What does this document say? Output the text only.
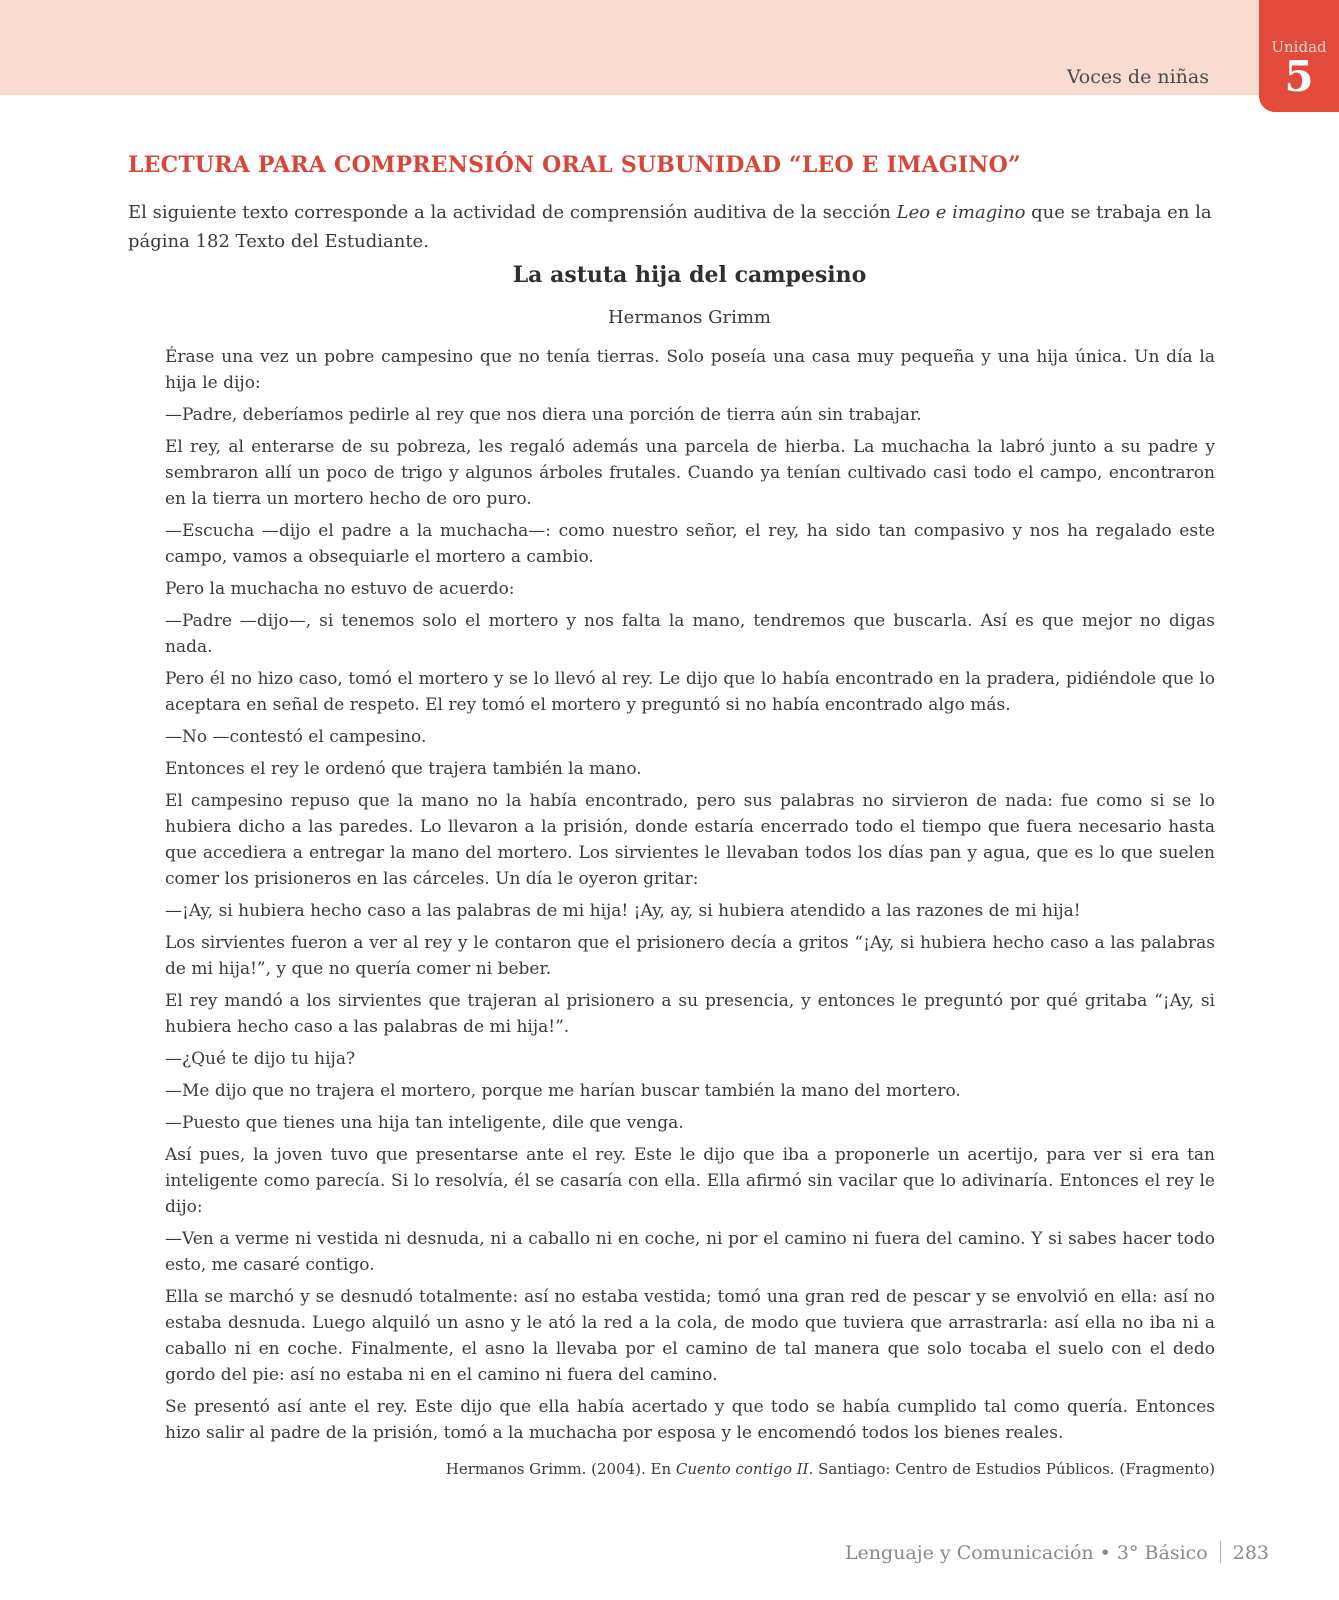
Voces de niñas
Unidad
5
LECTURA PARA COMPRENSIÓN ORAL SUBUNIDAD “LEO E IMAGINO”
El siguiente texto corresponde a la actividad de comprensión auditiva de la sección Leo e imagino que se trabaja en la página 182 Texto del Estudiante.
La astuta hija del campesino
Hermanos Grimm

Érase una vez un pobre campesino que no tenía tierras. Solo poseía una casa muy pequeña y una hija única. Un día la hija le dijo:

—Padre, deberíamos pedirle al rey que nos diera una porción de tierra aún sin trabajar.

El rey, al enterarse de su pobreza, les regaló además una parcela de hierba. La muchacha la labró junto a su padre y sembraron allí un poco de trigo y algunos árboles frutales. Cuando ya tenían cultivado casi todo el campo, encontraron en la tierra un mortero hecho de oro puro.

—Escucha —dijo el padre a la muchacha—: como nuestro señor, el rey, ha sido tan compasivo y nos ha regalado este campo, vamos a obsequiarle el mortero a cambio.

Pero la muchacha no estuvo de acuerdo:

—Padre —dijo—, si tenemos solo el mortero y nos falta la mano, tendremos que buscarla. Así es que mejor no digas nada.

Pero él no hizo caso, tomó el mortero y se lo llevó al rey. Le dijo que lo había encontrado en la pradera, pidiéndole que lo aceptara en señal de respeto. El rey tomó el mortero y preguntó si no había encontrado algo más.

—No —contestó el campesino.

Entonces el rey le ordenó que trajera también la mano.

El campesino repuso que la mano no la había encontrado, pero sus palabras no sirvieron de nada: fue como si se lo hubiera dicho a las paredes. Lo llevaron a la prisión, donde estaría encerrado todo el tiempo que fuera necesario hasta que accediera a entregar la mano del mortero. Los sirvientes le llevaban todos los días pan y agua, que es lo que suelen comer los prisioneros en las cárceles. Un día le oyeron gritar:

—¡Ay, si hubiera hecho caso a las palabras de mi hija! ¡Ay, ay, si hubiera atendido a las razones de mi hija!

Los sirvientes fueron a ver al rey y le contaron que el prisionero decía a gritos “¡Ay, si hubiera hecho caso a las palabras de mi hija!”, y que no quería comer ni beber.

El rey mandó a los sirvientes que trajeran al prisionero a su presencia, y entonces le preguntó por qué gritaba “¡Ay, si hubiera hecho caso a las palabras de mi hija!”.

—¿Qué te dijo tu hija?

—Me dijo que no trajera el mortero, porque me harían buscar también la mano del mortero.

—Puesto que tienes una hija tan inteligente, dile que venga.

Así pues, la joven tuvo que presentarse ante el rey. Este le dijo que iba a proponerle un acertijo, para ver si era tan inteligente como parecía. Si lo resolvía, él se casaría con ella. Ella afirmó sin vacilar que lo adivinaría. Entonces el rey le dijo:

—Ven a verme ni vestida ni desnuda, ni a caballo ni en coche, ni por el camino ni fuera del camino. Y si sabes hacer todo esto, me casaré contigo.

Ella se marchó y se desnudó totalmente: así no estaba vestida; tomó una gran red de pescar y se envolvió en ella: así no estaba desnuda. Luego alquiló un asno y le ató la red a la cola, de modo que tuviera que arrastrarla: así ella no iba ni a caballo ni en coche. Finalmente, el asno la llevaba por el camino de tal manera que solo tocaba el suelo con el dedo gordo del pie: así no estaba ni en el camino ni fuera del camino.

Se presentó así ante el rey. Este dijo que ella había acertado y que todo se había cumplido tal como quería. Entonces hizo salir al padre de la prisión, tomó a la muchacha por esposa y le encomendó todos los bienes reales.

Hermanos Grimm. (2004). En Cuento contigo II. Santiago: Centro de Estudios Públicos. (Fragmento)
Lenguaje y Comunicación • 3° Básico 283
